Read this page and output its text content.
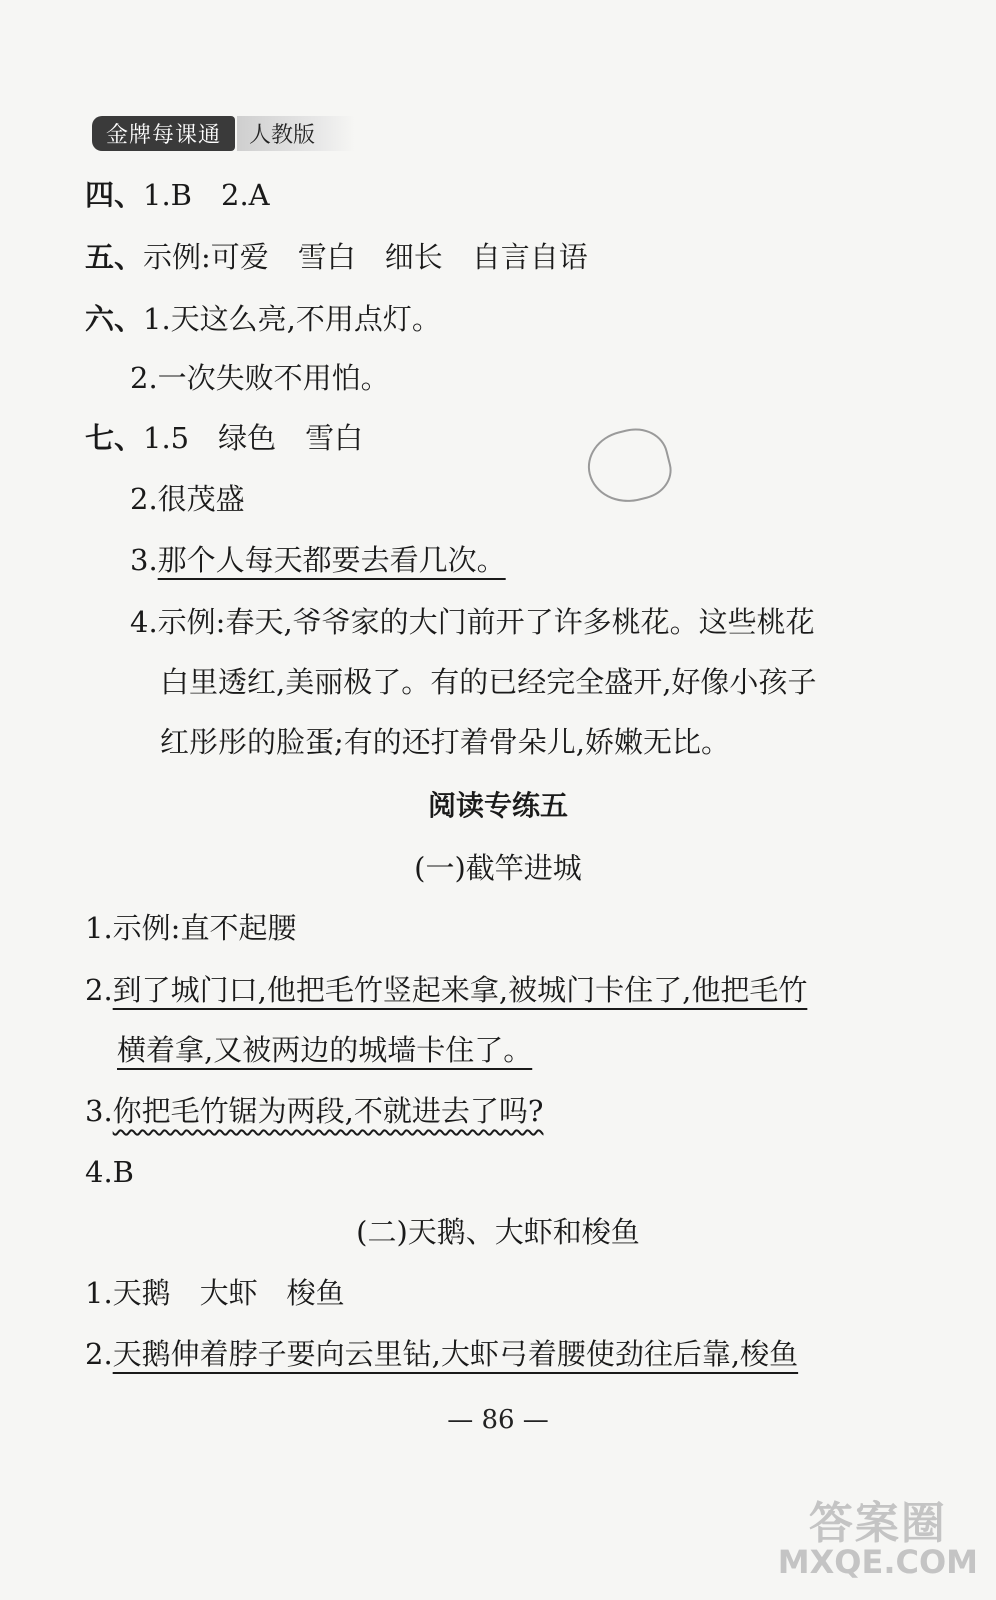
金牌每课通	人教版
四、1.B　2.A
五、示例:可爱　雪白　细长　自言自语
六、1.天这么亮,不用点灯。
2.一次失败不用怕。
七、1.5　绿色　雪白
2.很茂盛
3.那个人每天都要去看几次。
4.示例:春天,爷爷家的大门前开了许多桃花。这些桃花
白里透红,美丽极了。有的已经完全盛开,好像小孩子
红彤彤的脸蛋;有的还打着骨朵儿,娇嫩无比。
阅读专练五
(一)截竿进城
1.示例:直不起腰
2.到了城门口,他把毛竹竖起来拿,被城门卡住了,他把毛竹
横着拿,又被两边的城墙卡住了。
3.你把毛竹锯为两段,不就进去了吗?
4.B
(二)天鹅、大虾和梭鱼
1.天鹅　大虾　梭鱼
2.天鹅伸着脖子要向云里钻,大虾弓着腰使劲往后靠,梭鱼
— 86 —
答案圈
MXQE.COM
